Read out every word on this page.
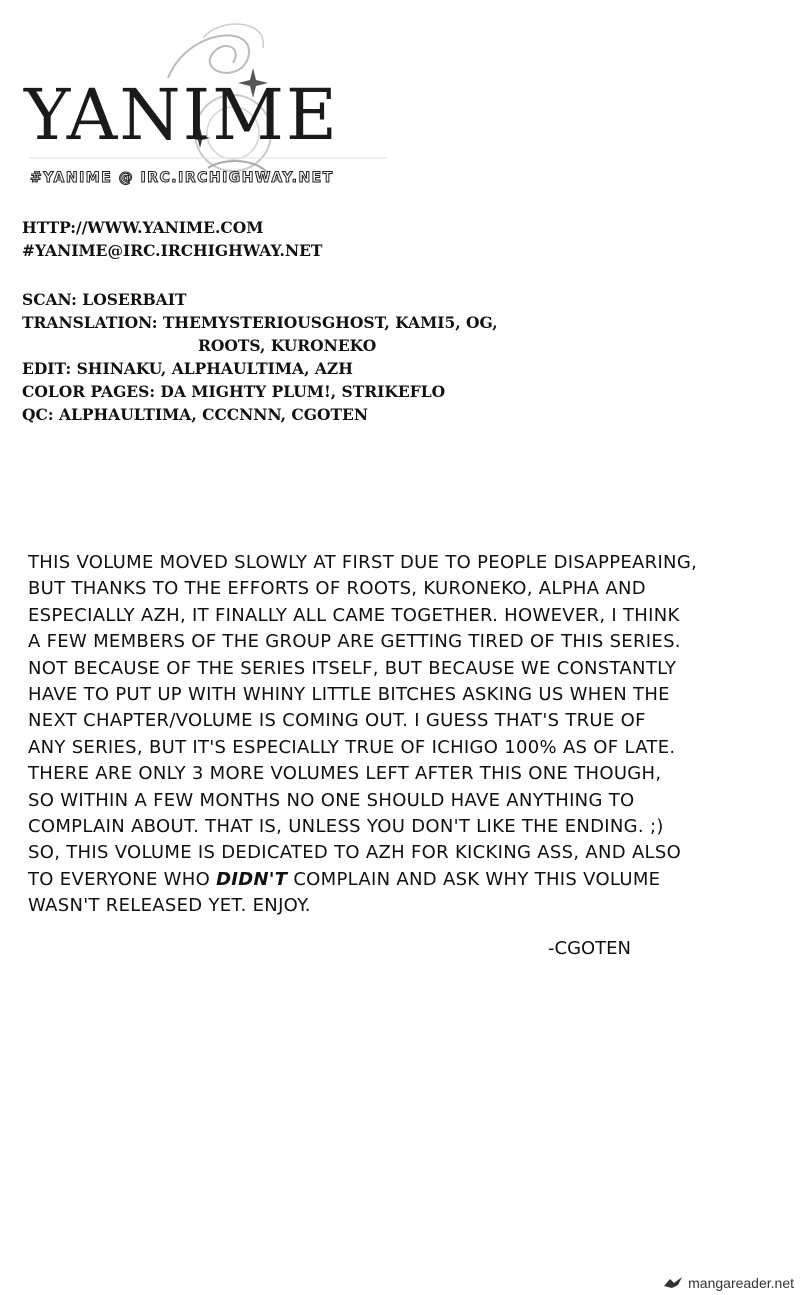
YANIME

#YANIME @ IRC.IRCHIGHWAY.NET

HTTP://WWW.YANIME.COM
#YANIME@IRC.IRCHIGHWAY.NET
SCAN: LOSERBAIT
TRANSLATION: THEMYSTERIOUSGHOST, KAMI5, OG,
ROOTS, KURONEKO
EDIT: SHINAKU, ALPHAULTIMA, AZH
COLOR PAGES: DA MIGHTY PLUM!, STRIKEFLO
QC: ALPHAULTIMA, CCCNNN, CGOTEN
THIS VOLUME MOVED SLOWLY AT FIRST DUE TO PEOPLE DISAPPEARING,
BUT THANKS TO THE EFFORTS OF ROOTS, KURONEKO, ALPHA AND
ESPECIALLY AZH, IT FINALLY ALL CAME TOGETHER. HOWEVER, I THINK
A FEW MEMBERS OF THE GROUP ARE GETTING TIRED OF THIS SERIES.
NOT BECAUSE OF THE SERIES ITSELF, BUT BECAUSE WE CONSTANTLY
HAVE TO PUT UP WITH WHINY LITTLE BITCHES ASKING US WHEN THE
NEXT CHAPTER/VOLUME IS COMING OUT. I GUESS THAT'S TRUE OF
ANY SERIES, BUT IT'S ESPECIALLY TRUE OF ICHIGO 100% AS OF LATE.
THERE ARE ONLY 3 MORE VOLUMES LEFT AFTER THIS ONE THOUGH,
SO WITHIN A FEW MONTHS NO ONE SHOULD HAVE ANYTHING TO
COMPLAIN ABOUT. THAT IS, UNLESS YOU DON'T LIKE THE ENDING. ;)
SO, THIS VOLUME IS DEDICATED TO AZH FOR KICKING ASS, AND ALSO
TO EVERYONE WHO DIDN'T COMPLAIN AND ASK WHY THIS VOLUME
WASN'T RELEASED YET. ENJOY.
-CGOTEN
mangareader.net
